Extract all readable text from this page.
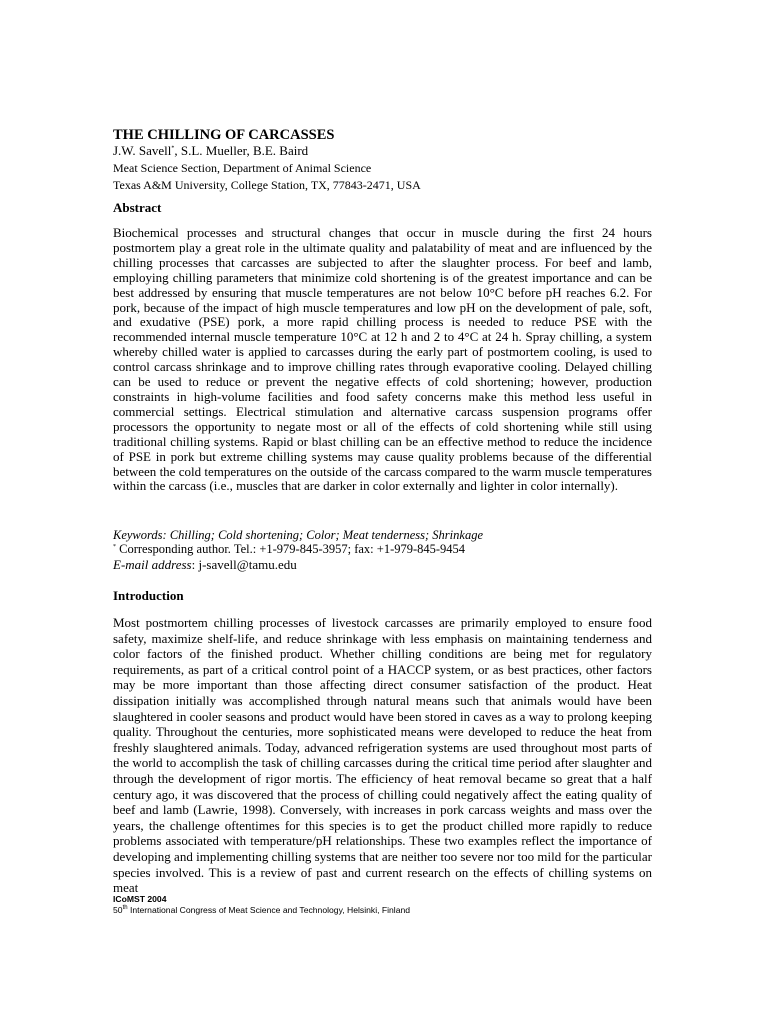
THE CHILLING OF CARCASSES
J.W. Savell*, S.L. Mueller, B.E. Baird
Meat Science Section, Department of Animal Science
Texas A&M University, College Station, TX, 77843-2471, USA
Abstract

Biochemical processes and structural changes that occur in muscle during the first 24 hours postmortem play a great role in the ultimate quality and palatability of meat and are influenced by the chilling processes that carcasses are subjected to after the slaughter process. For beef and lamb, employing chilling parameters that minimize cold shortening is of the greatest importance and can be best addressed by ensuring that muscle temperatures are not below 10°C before pH reaches 6.2. For pork, because of the impact of high muscle temperatures and low pH on the development of pale, soft, and exudative (PSE) pork, a more rapid chilling process is needed to reduce PSE with the recommended internal muscle temperature 10°C at 12 h and 2 to 4°C at 24 h. Spray chilling, a system whereby chilled water is applied to carcasses during the early part of postmortem cooling, is used to control carcass shrinkage and to improve chilling rates through evaporative cooling. Delayed chilling can be used to reduce or prevent the negative effects of cold shortening; however, production constraints in high-volume facilities and food safety concerns make this method less useful in commercial settings. Electrical stimulation and alternative carcass suspension programs offer processors the opportunity to negate most or all of the effects of cold shortening while still using traditional chilling systems. Rapid or blast chilling can be an effective method to reduce the incidence of PSE in pork but extreme chilling systems may cause quality problems because of the differential between the cold temperatures on the outside of the carcass compared to the warm muscle temperatures within the carcass (i.e., muscles that are darker in color externally and lighter in color internally).

Keywords: Chilling; Cold shortening; Color; Meat tenderness; Shrinkage
* Corresponding author. Tel.: +1-979-845-3957; fax: +1-979-845-9454
E-mail address: j-savell@tamu.edu
Introduction

Most postmortem chilling processes of livestock carcasses are primarily employed to ensure food safety, maximize shelf-life, and reduce shrinkage with less emphasis on maintaining tenderness and color factors of the finished product. Whether chilling conditions are being met for regulatory requirements, as part of a critical control point of a HACCP system, or as best practices, other factors may be more important than those affecting direct consumer satisfaction of the product. Heat dissipation initially was accomplished through natural means such that animals would have been slaughtered in cooler seasons and product would have been stored in caves as a way to prolong keeping quality. Throughout the centuries, more sophisticated means were developed to reduce the heat from freshly slaughtered animals. Today, advanced refrigeration systems are used throughout most parts of the world to accomplish the task of chilling carcasses during the critical time period after slaughter and through the development of rigor mortis. The efficiency of heat removal became so great that a half century ago, it was discovered that the process of chilling could negatively affect the eating quality of beef and lamb (Lawrie, 1998). Conversely, with increases in pork carcass weights and mass over the years, the challenge oftentimes for this species is to get the product chilled more rapidly to reduce problems associated with temperature/pH relationships. These two examples reflect the importance of developing and implementing chilling systems that are neither too severe nor too mild for the particular species involved. This is a review of past and current research on the effects of chilling systems on meat

ICoMST 2004
50th International Congress of Meat Science and Technology, Helsinki, Finland
